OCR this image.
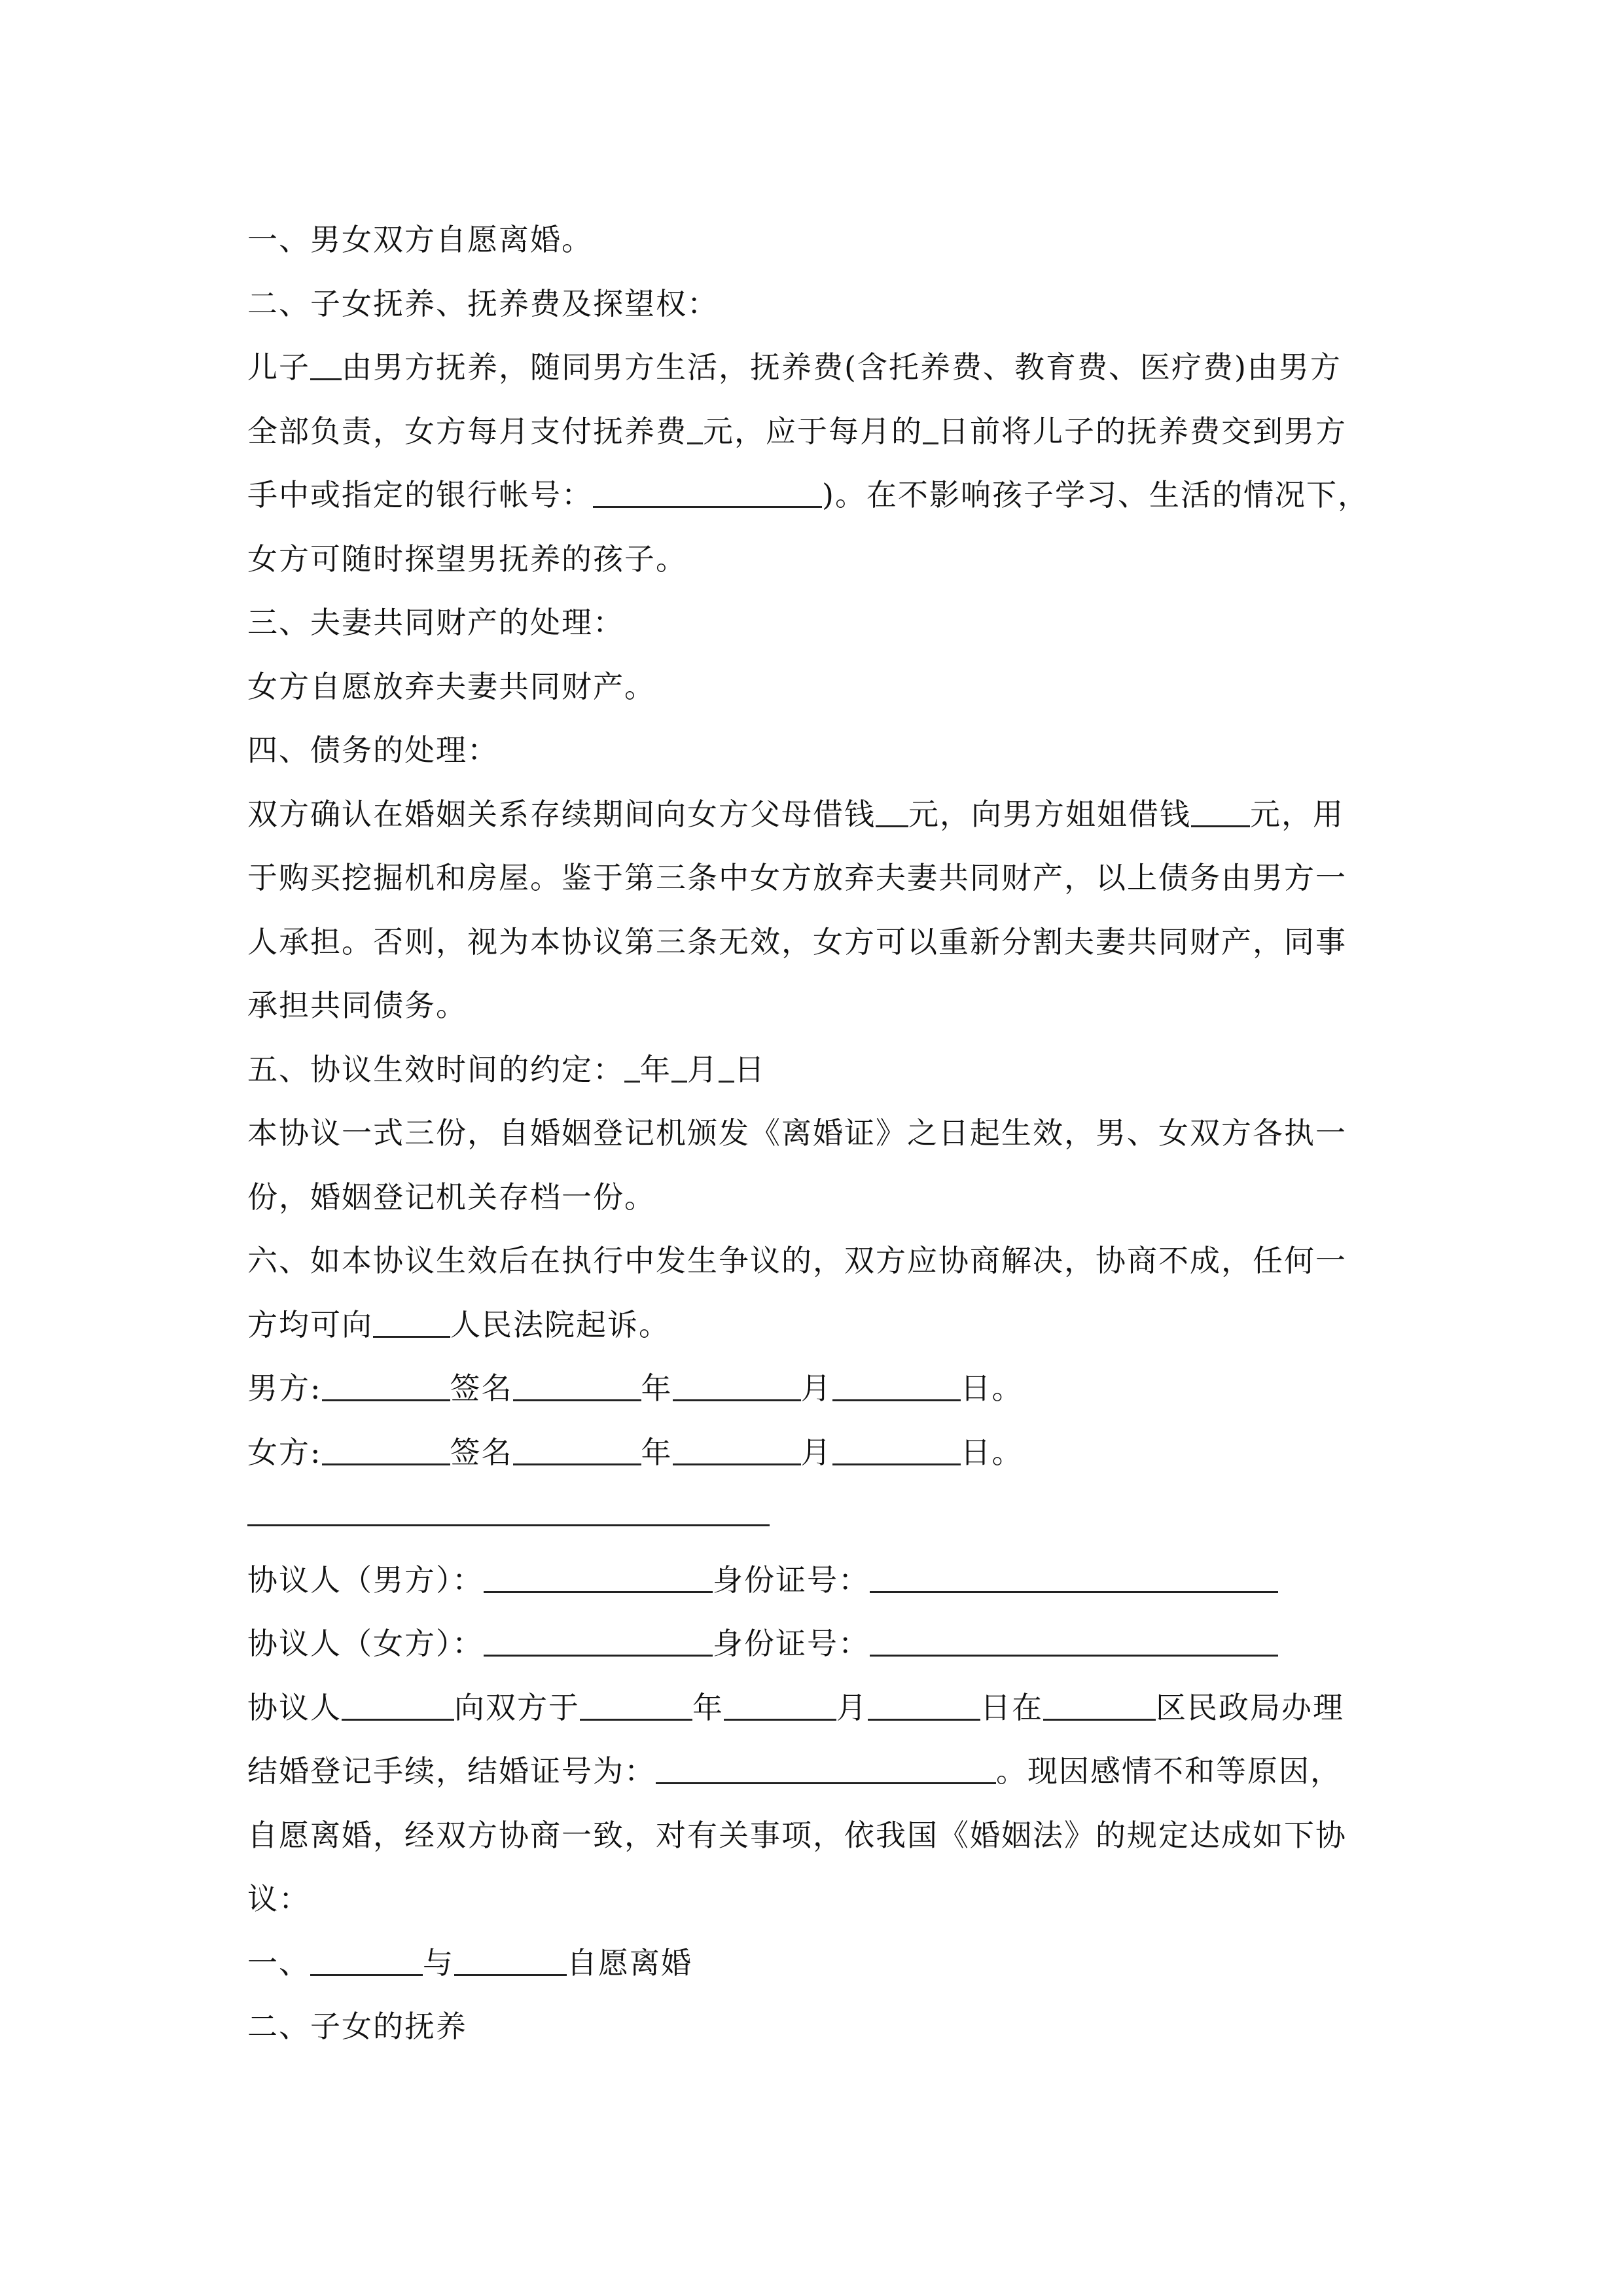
一、男女双方自愿离婚。
二、子女抚养、抚养费及探望权：
儿子 由男方抚养，随同男方生活，抚养费(含托养费、教育费、医疗费)由男方
全部负责，女方每月支付抚养费 元，应于每月的 日前将儿子的抚养费交到男方
手中或指定的银行帐号：	)。在不影响孩子学习、生活的情况下，
女方可随时探望男抚养的孩子。
三、夫妻共同财产的处理：
女方自愿放弃夫妻共同财产。
四、债务的处理：
双方确认在婚姻关系存续期间向女方父母借钱 元，向男方姐姐借钱 元，用
于购买挖掘机和房屋。鉴于第三条中女方放弃夫妻共同财产，以上债务由男方一
人承担。否则，视为本协议第三条无效，女方可以重新分割夫妻共同财产，同事
承担共同债务。
五、协议生效时间的约定： 年 月 日
本协议一式三份，自婚姻登记机颁发《离婚证》之日起生效，男、女双方各执一
份，婚姻登记机关存档一份。
六、如本协议生效后在执行中发生争议的，双方应协商解决，协商不成，任何一
方均可向	人民法院起诉。
男方:	签名	年	月	日。
女方:	签名	年	月	日。
协议人（男方）：	身份证号：
协议人（女方）：	身份证号：
协议人	向双方于	年	月	日在	区民政局办理
结婚登记手续，结婚证号为：	。现因感情不和等原因，
自愿离婚，经双方协商一致，对有关事项，依我国《婚姻法》的规定达成如下协
议：
一、	与	自愿离婚
二、子女的抚养
